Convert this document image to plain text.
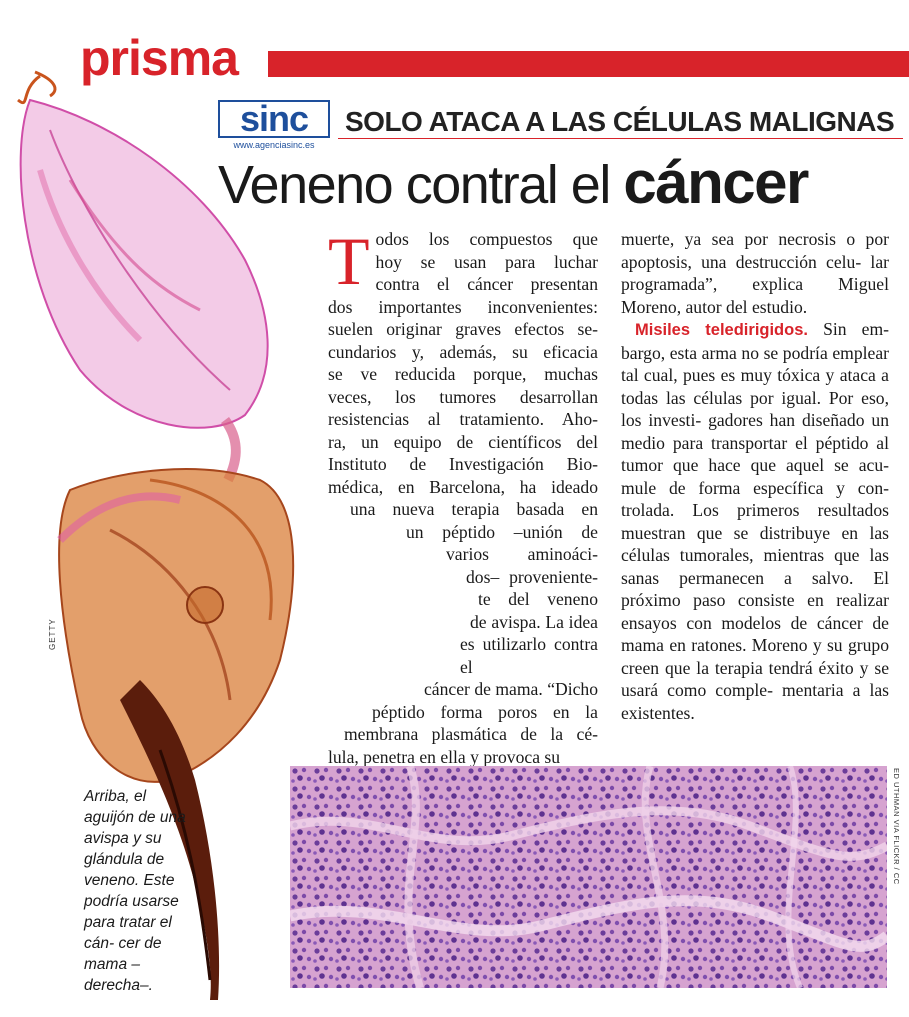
prisma
sinc
www.agenciasinc.es
SOLO ATACA A LAS CÉLULAS MALIGNAS
Veneno contral el cáncer
GETTY

Arriba, el aguijón de una avispa y su glándula de veneno. Este podría usarse para tratar el cán- cer de mama –derecha–.

T odos los compuestos que
hoy se usan para luchar
contra el cáncer presentan
dos importantes inconvenientes:
suelen originar graves efectos se-
cundarios y, además, su eficacia
se ve reducida porque, muchas
veces, los tumores desarrollan
resistencias al tratamiento. Aho-
ra, un equipo de científicos del
Instituto de Investigación Bio-
médica, en Barcelona, ha ideado
una nueva terapia basada en
un péptido –unión de
varios aminoáci-
dos– proveniente-
te del veneno
de avispa. La idea
es utilizarlo contra el
cáncer de mama. “Dicho
péptido forma poros en la
membrana plasmática de la cé-
lula, penetra en ella y provoca su

muerte, ya sea por necrosis o por apoptosis, una destrucción celu- lar programada”, explica Miguel Moreno, autor del estudio.

Misiles teledirigidos. Sin em- bargo, esta arma no se podría emplear tal cual, pues es muy tóxica y ataca a todas las células por igual. Por eso, los investi- gadores han diseñado un medio para transportar el péptido al tumor que hace que aquel se acu- mule de forma específica y con- trolada. Los primeros resultados muestran que se distribuye en las células tumorales, mientras que las sanas permanecen a salvo. El próximo paso consiste en realizar ensayos con modelos de cáncer de mama en ratones. Moreno y su grupo creen que la terapia tendrá éxito y se usará como comple- mentaria a las existentes.

ED UTHMAN VIA FLICKR / CC
